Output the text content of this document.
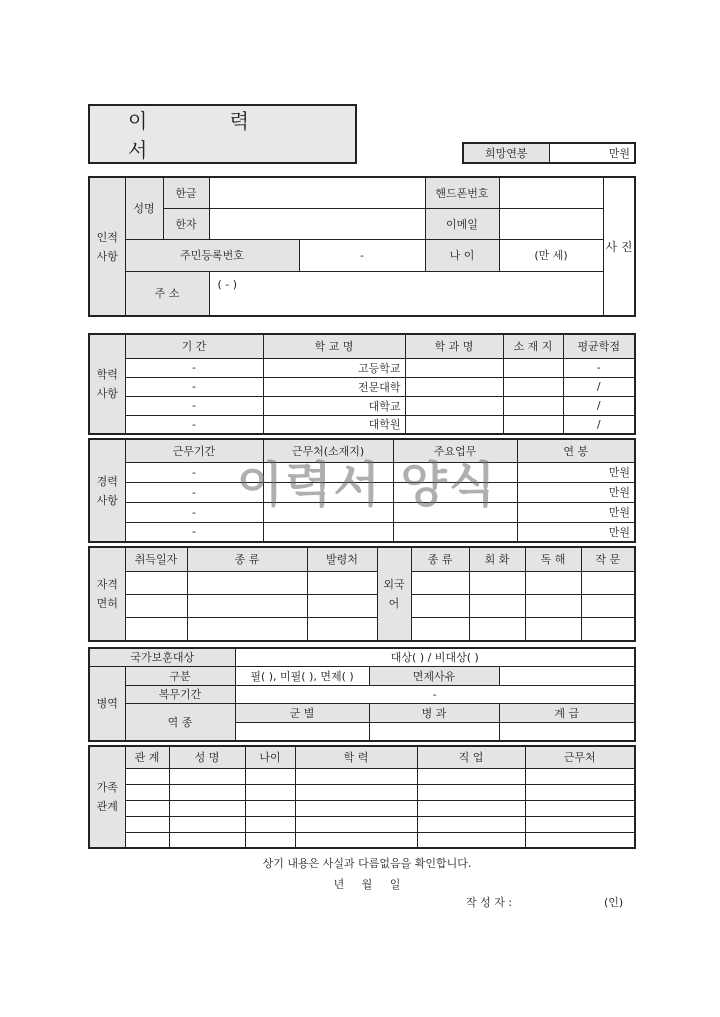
이 력 서	희망연봉	만원
인적사항	성명	한글			핸드폰번호		사 진
		한자			이메일		
	주민등록번호			-	나 이	(만 세)	
	주 소		( - )				
학력사항	기 간	학 교 명	학 과 명	소 재 지	평균학점
	-	고등학교			-
	-	전문대학			/
	-	대학교			/
	-	대학원			/
경력사항	근무기간	근무처(소재지)	주요업무	연 봉
	-			만원
	-			만원
	-			만원
	-			만원
이력서 양식
자격면허	취득일자	종 류	발령처	외국어	종 류	회 화	독 해	작 문

국가보훈대상		대상( ) / 비대상( )		
병역	구분	필( ), 미필( ), 면제( )	면제사유	
	복무기간	-		
	역 종	군 별	병 과	계 급

가족관계	관 계	성 명	나이	학 력	직 업	근무처

상기 내용은 사실과 다름없음을 확인합니다.
년     월     일
작 성 자 :	(인)
